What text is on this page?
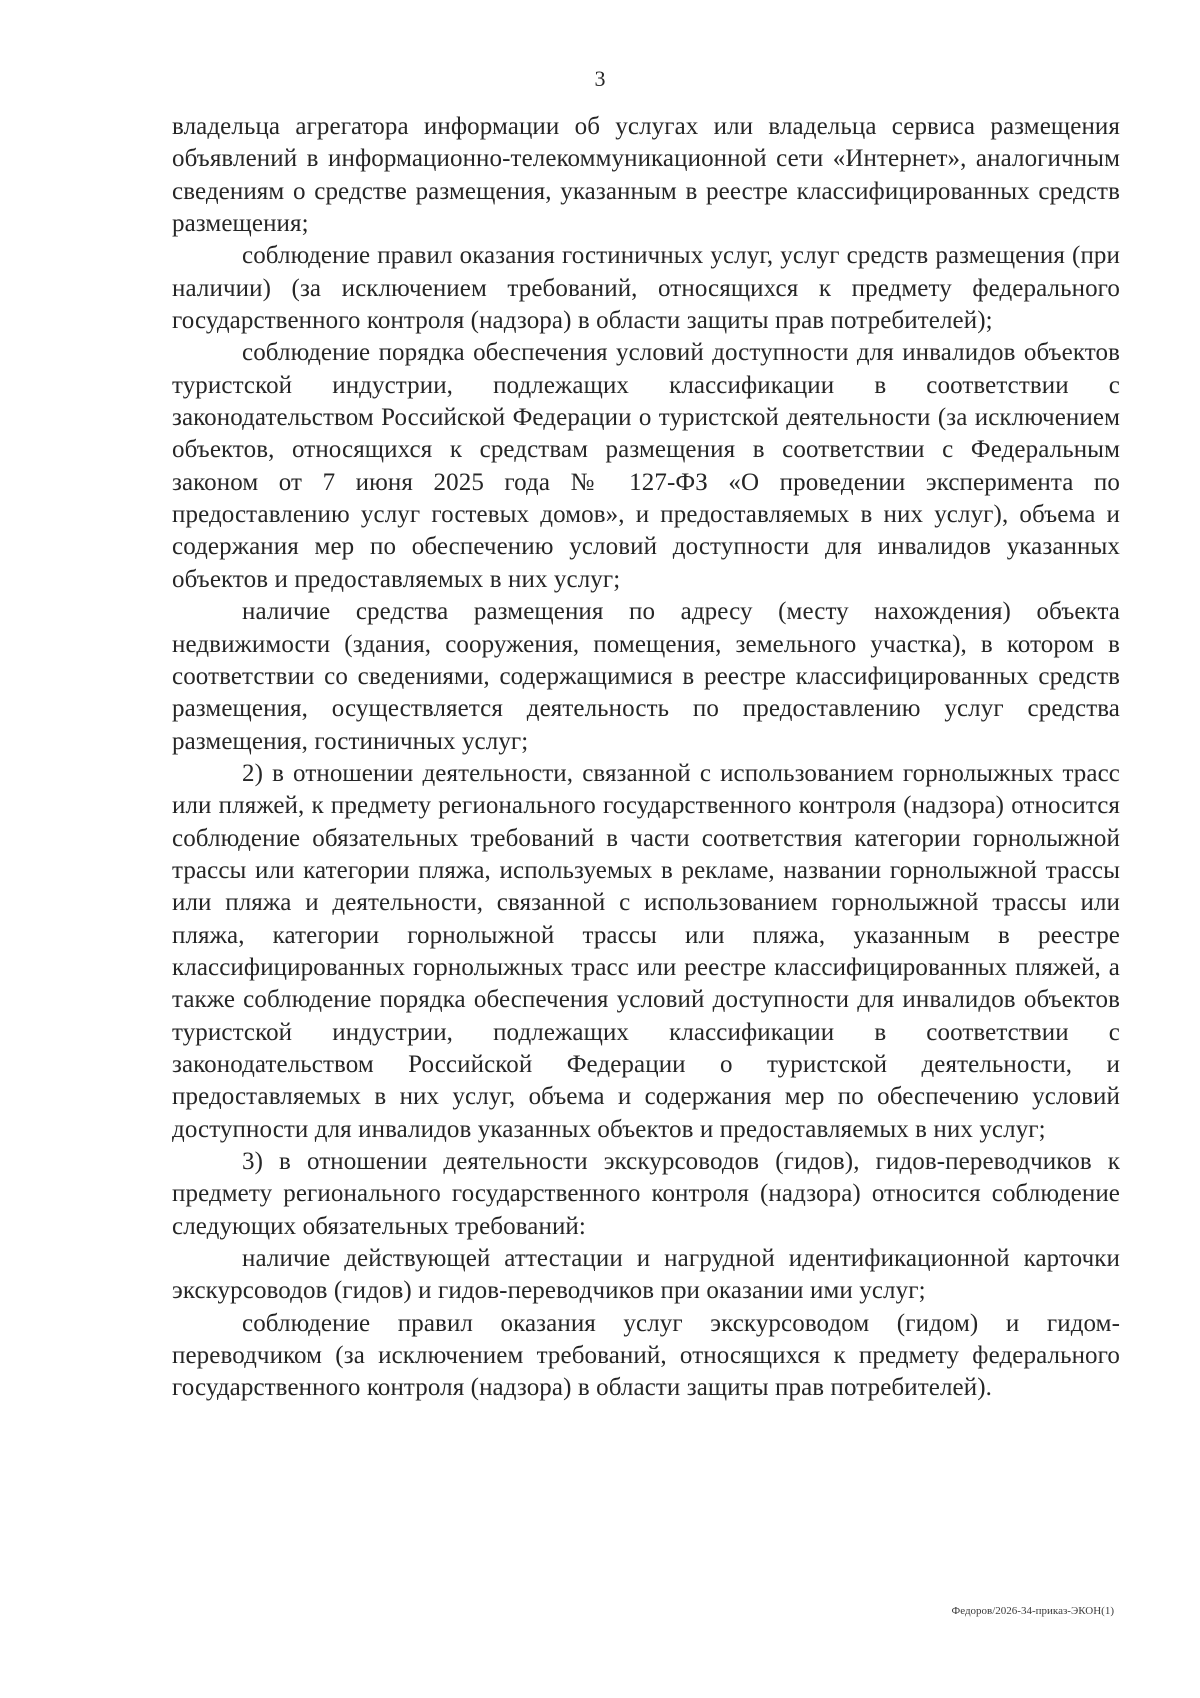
3

владельца агрегатора информации об услугах или владельца сервиса размещения объявлений в информационно-телекоммуникационной сети «Интернет», аналогичным сведениям о средстве размещения, указанным в реестре классифицированных средств размещения;

соблюдение правил оказания гостиничных услуг, услуг средств размещения (при наличии) (за исключением требований, относящихся к предмету федерального государственного контроля (надзора) в области защиты прав потребителей);

соблюдение порядка обеспечения условий доступности для инвалидов объектов туристской индустрии, подлежащих классификации в соответствии с законодательством Российской Федерации о туристской деятельности (за исключением объектов, относящихся к средствам размещения в соответствии с Федеральным законом от 7 июня 2025 года № 127-ФЗ «О проведении эксперимента по предоставлению услуг гостевых домов», и предоставляемых в них услуг), объема и содержания мер по обеспечению условий доступности для инвалидов указанных объектов и предоставляемых в них услуг;

наличие средства размещения по адресу (месту нахождения) объекта недвижимости (здания, сооружения, помещения, земельного участка), в котором в соответствии со сведениями, содержащимися в реестре классифицированных средств размещения, осуществляется деятельность по предоставлению услуг средства размещения, гостиничных услуг;

2) в отношении деятельности, связанной с использованием горнолыжных трасс или пляжей, к предмету регионального государственного контроля (надзора) относится соблюдение обязательных требований в части соответствия категории горнолыжной трассы или категории пляжа, используемых в рекламе, названии горнолыжной трассы или пляжа и деятельности, связанной с использованием горнолыжной трассы или пляжа, категории горнолыжной трассы или пляжа, указанным в реестре классифицированных горнолыжных трасс или реестре классифицированных пляжей, а также соблюдение порядка обеспечения условий доступности для инвалидов объектов туристской индустрии, подлежащих классификации в соответствии с законодательством Российской Федерации о туристской деятельности, и предоставляемых в них услуг, объема и содержания мер по обеспечению условий доступности для инвалидов указанных объектов и предоставляемых в них услуг;

3) в отношении деятельности экскурсоводов (гидов), гидов-переводчиков к предмету регионального государственного контроля (надзора) относится соблюдение следующих обязательных требований:

наличие действующей аттестации и нагрудной идентификационной карточки экскурсоводов (гидов) и гидов-переводчиков при оказании ими услуг;

соблюдение правил оказания услуг экскурсоводом (гидом) и гидом-переводчиком (за исключением требований, относящихся к предмету федерального государственного контроля (надзора) в области защиты прав потребителей).

Федоров/2026-34-приказ-ЭКОН(1)
